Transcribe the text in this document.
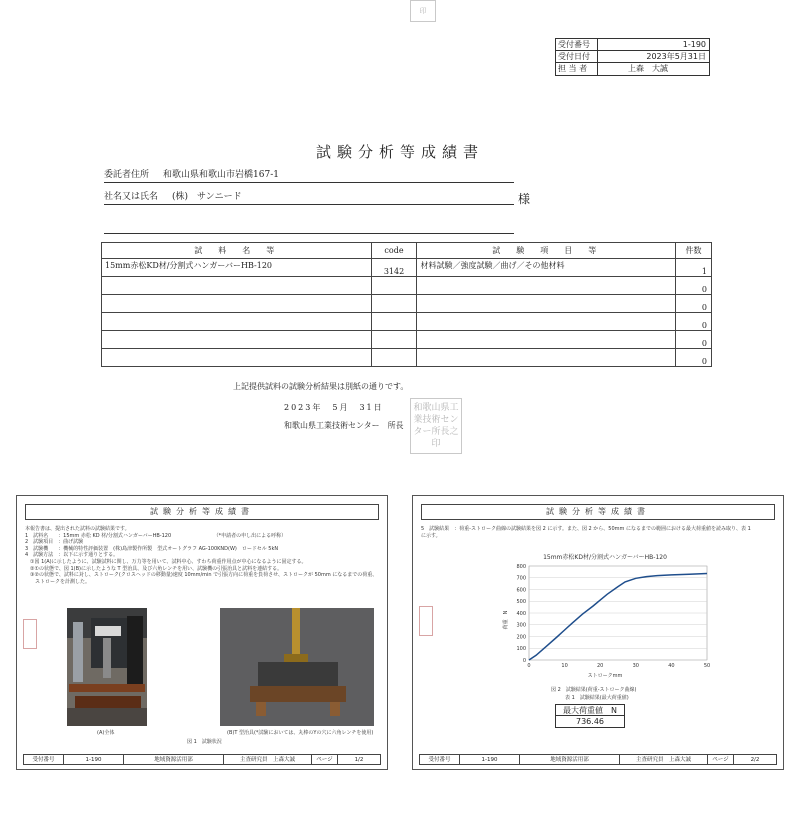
印
受付番号	1-190
受付日付	2023年5月31日
担 当 者	上森　大誠
試験分析等成績書
委託者住所 和歌山県和歌山市岩橋167-1
社名又は氏名 (株)　サンニード	様
試　料　名　等	code	試　験　項　目　等	件数
15mm赤松KD材/分割式ハンガーバーHB-120	3142	材料試験／強度試験／曲げ／その他材料	1
			0
			0
			0
			0
			0
上記提供試料の試験分析結果は別紙の通りです。
2023年　5月　31日
和歌山県工業技術センター　所長
和歌山県工業技術センター所長之印
試験分析等成績書
本報告書は、提出された試料の試験結果です。
1　試料名　　：15mm 赤松 KD 材/分割式ハンガーバーHB-120　　　　　　　　　（*申請者の申し出による呼称）
2　試験項目　：曲げ試験
3　試験機　　：機械的特性評価装置　(株)島津製作所製　型式オートグラフ AG-100KND(W)　ロードセル 5kN
4　試験方法　：以下に示す通りとする。
　①図 1(A)に示したように、試験試料に関し、万力等を用いて、試料中心、すわち荷重作用点が中心になるように固定する。
　②①の状態で、図 1(B)に示したような T 型治具、及び六角レンチを用い、試験機の引張治具と試料を連結する。
　③②の状態で、試料に対し、ストローク(クロスヘッドの移動量)速度 10mm/min で引張方向に荷重を負荷させ、ストロークが 50mm になるまでの荷重、
　　ストロークを計測した。
(A)全体	(B)T 型治具(*試験においては、丸棒のYの穴に六角レンチを使用)
図 1　試験状況
受付番号	1-190	地域資源活用部	主査研究員　上森大誠	ページ	1/2
試験分析等成績書
5　試験結果　：荷重-ストローク曲線の試験結果を図 2 に示す。また、図 2 から、50mm になるまでの範囲における最大荷重値を読み取り、表 1
に示す。
15mm赤松KD材/分割式ハンガーバーHB-120
荷重　N
ストロークmm
0
100
200
300
400
500
600
700
800
0	10	20	30	40	50
図 2　試験結果(荷重-ストローク曲線)
表 1　試験結果(最大荷重値)
最大荷重値　N
736.46
受付番号	1-190	地域資源活用部	主査研究員　上森大誠	ページ	2/2
